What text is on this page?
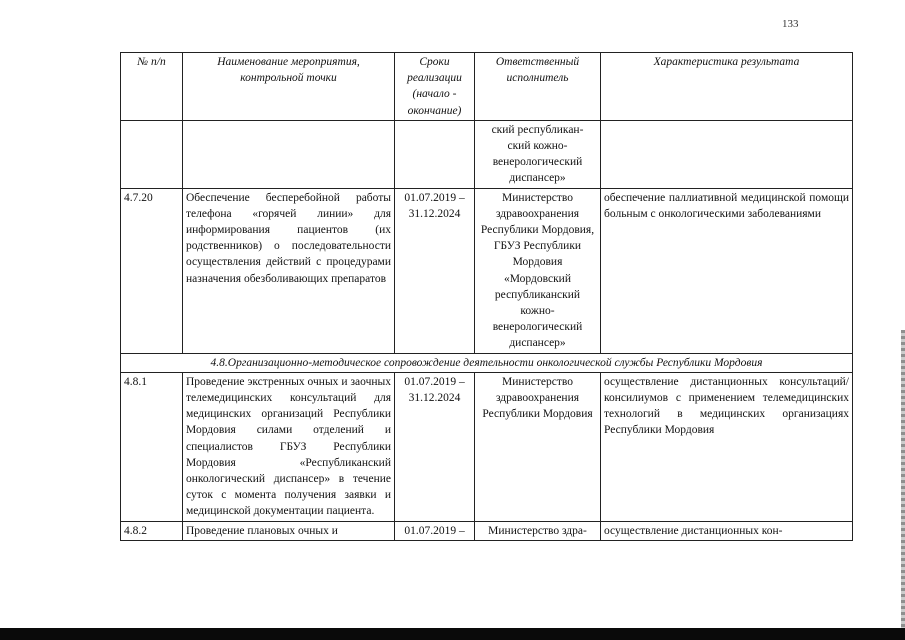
133
№ п/п	Наименование мероприятия, контрольной точки	Сроки реализации (начало - окончание)	Ответственный исполнитель	Характеристика результата

			ский республикан-
ский кожно-
венерологический
диспансер»	

4.7.20	Обеспечение бесперебойной работы телефона «горячей линии» для информирования пациентов (их родственников) о последовательности осуществления действий с процедурами назначения обезболивающих препаратов	01.07.2019 – 31.12.2024	Министерство здравоохранения Республики Мордовия, ГБУЗ Республики Мордовия «Мордовский республиканский кожно-венерологический диспансер»	обеспечение паллиативной медицинской помощи больным с онкологическими заболеваниями
4.8.Организационно-методическое сопровождение деятельности онкологической службы Республики Мордовия				
4.8.1	Проведение экстренных очных и заочных телемедицинских консультаций для медицинских организаций Республики Мордовия силами отделений и специалистов ГБУЗ Республики Мордовия «Республиканский онкологический диспансер» в течение суток с момента получения заявки и медицинской документации пациента.	01.07.2019 – 31.12.2024	Министерство здравоохранения Республики Мордовия	осуществление дистанционных консультаций/консилиумов с применением телемедицинских технологий в медицинских организациях Республики Мордовия

4.8.2	Проведение плановых очных и	01.07.2019 –	Министерство здра-	осуществление дистанционных кон-
